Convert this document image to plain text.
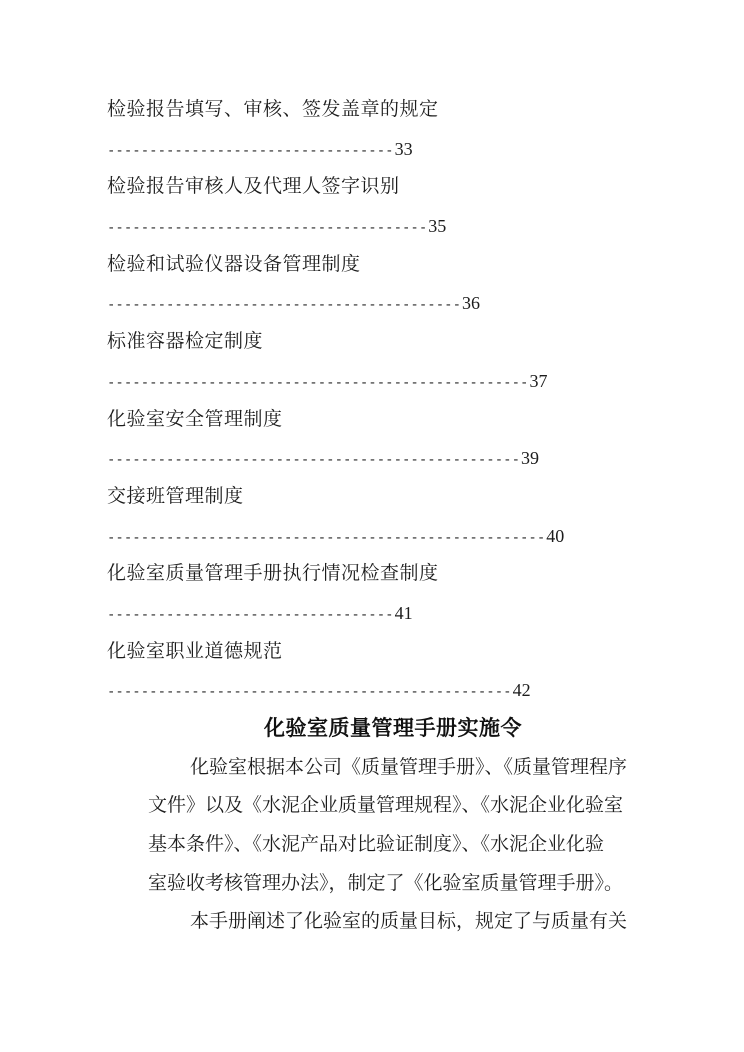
检验报告填写、审核、签发盖章的规定
----------------------------------33
检验报告审核人及代理人签字识别
--------------------------------------35
检验和试验仪器设备管理制度
------------------------------------------36
标准容器检定制度
--------------------------------------------------37
化验室安全管理制度
-------------------------------------------------39
交接班管理制度
----------------------------------------------------40
化验室质量管理手册执行情况检查制度
----------------------------------41
化验室职业道德规范
------------------------------------------------42
化验室质量管理手册实施令
化验室根据本公司《质量管理手册》、《质量管理程序
文件》以及《水泥企业质量管理规程》、《水泥企业化验室
基本条件》、《水泥产品对比验证制度》、《水泥企业化验
室验收考核管理办法》，制定了《化验室质量管理手册》。
本手册阐述了化验室的质量目标，规定了与质量有关
